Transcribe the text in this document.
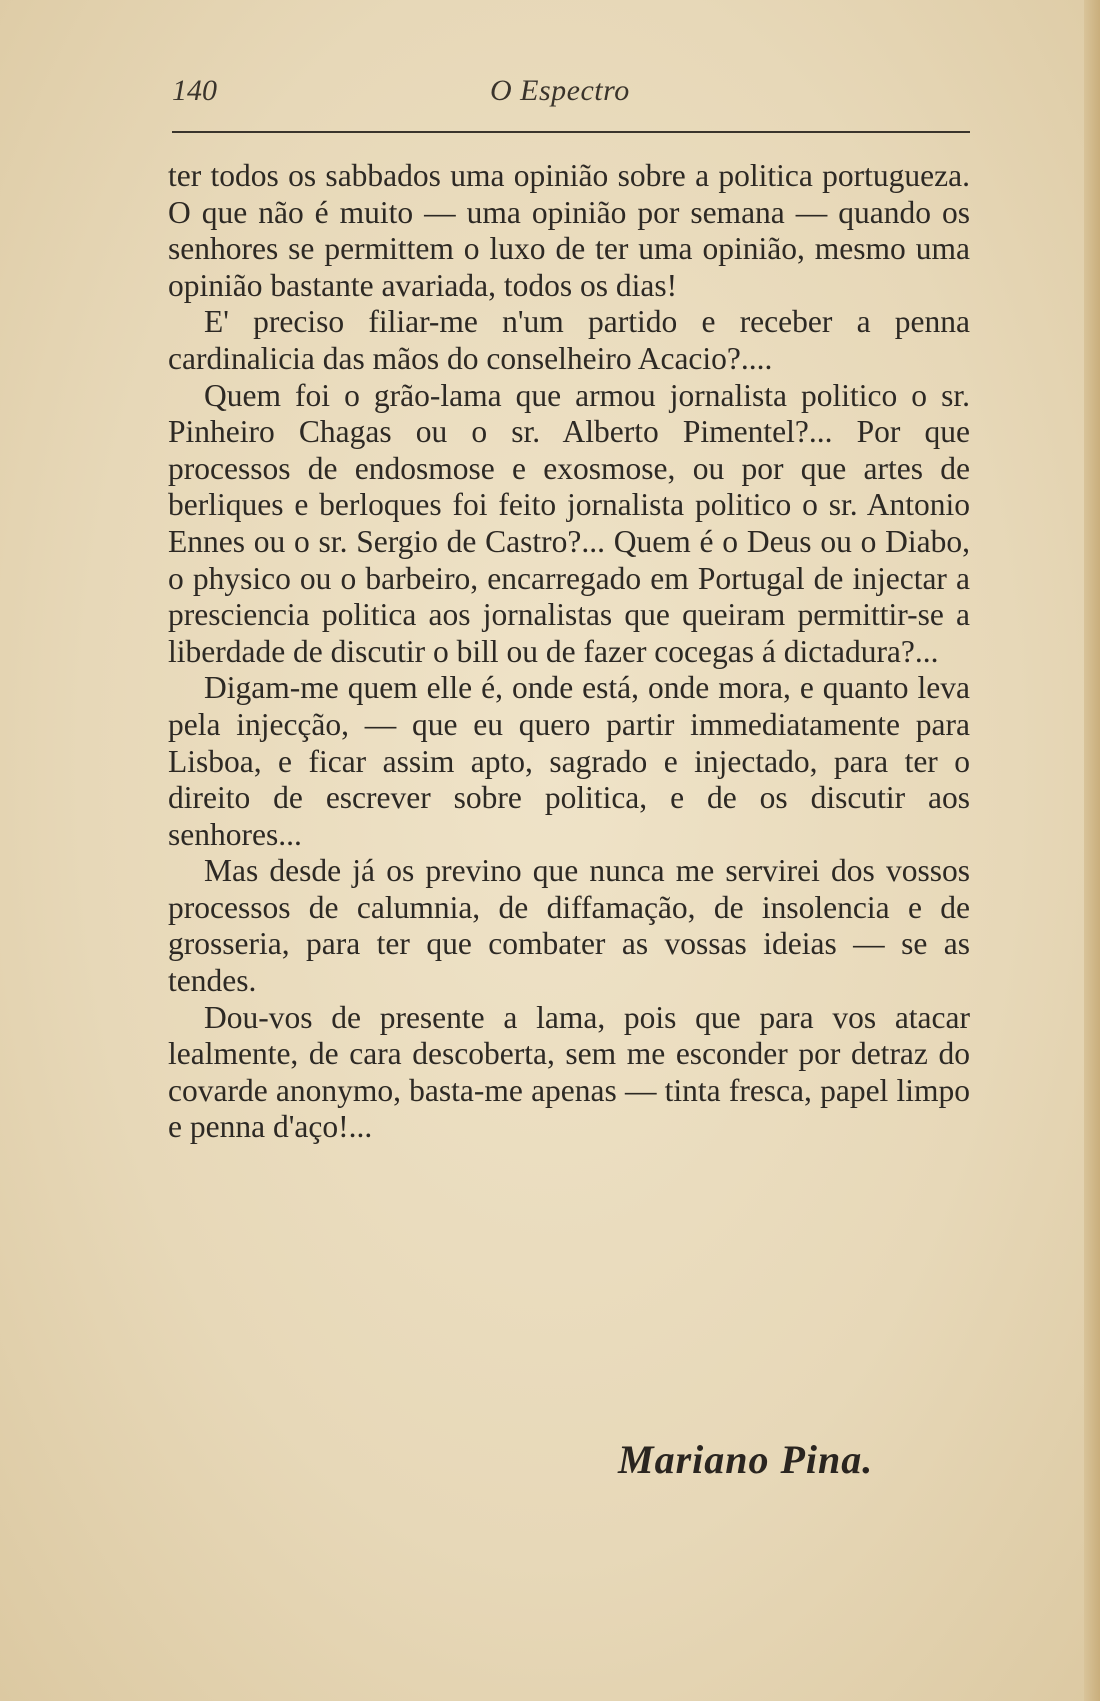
140	O Espectro

ter todos os sabbados uma opinião sobre a politica portugueza. O que não é muito — uma opinião por semana — quando os senhores se permittem o luxo de ter uma opinião, mesmo uma opinião bastante avariada, todos os dias!

E' preciso filiar-me n'um partido e receber a penna cardinalicia das mãos do conselheiro Acacio?....

Quem foi o grão-lama que armou jornalista politico o sr. Pinheiro Chagas ou o sr. Alberto Pimentel?... Por que processos de endosmose e exosmose, ou por que artes de berliques e berloques foi feito jornalista politico o sr. Antonio Ennes ou o sr. Sergio de Castro?... Quem é o Deus ou o Diabo, o physico ou o barbeiro, encarregado em Portugal de injectar a presciencia politica aos jornalistas que queiram permittir-se a liberdade de discutir o bill ou de fazer cocegas á dictadura?...

Digam-me quem elle é, onde está, onde mora, e quanto leva pela injecção, — que eu quero partir immediatamente para Lisboa, e ficar assim apto, sagrado e injectado, para ter o direito de escrever sobre politica, e de os discutir aos senhores...

Mas desde já os previno que nunca me servirei dos vossos processos de calumnia, de diffamação, de insolencia e de grosseria, para ter que combater as vossas ideias — se as tendes.

Dou-vos de presente a lama, pois que para vos atacar lealmente, de cara descoberta, sem me esconder por detraz do covarde anonymo, basta-me apenas — tinta fresca, papel limpo e penna d'aço!...

Mariano Pina.
